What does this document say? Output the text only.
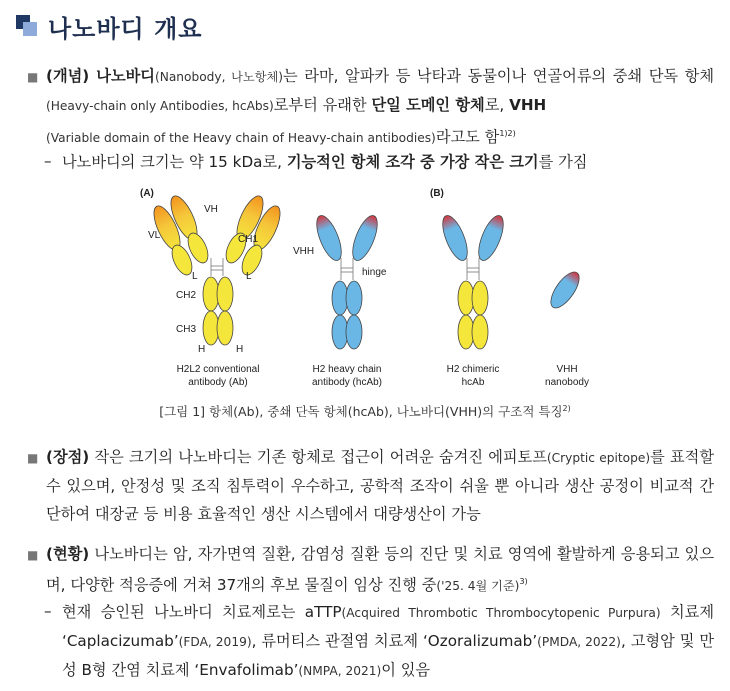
나노바디 개요
■ (개념) 나노바디(Nanobody, 나노항체)는 라마, 알파카 등 낙타과 동물이나 연골어류의 중쇄 단독 항체(Heavy-chain only Antibodies, hcAbs)로부터 유래한 단일 도메인 항체로, VHH
(Variable domain of the Heavy chain of Heavy-chain antibodies)라고도 함$^{1)2)}$
– 나노바디의 크기는 약 15 kDa로, 기능적인 항체 조각 중 가장 작은 크기를 가짐
(A)	(B)
VH
VL	CH1
L	L
CH2
CH3
H	H
VHH
hinge
H2L2 conventional
antibody (Ab)
H2 heavy chain
antibody (hcAb)
H2 chimeric
hcAb
VHH
nanobody
[그림 1] 항체(Ab), 중쇄 단독 항체(hcAb), 나노바디(VHH)의 구조적 특징$^{2)}$
■ (장점) 작은 크기의 나노바디는 기존 항체로 접근이 어려운 숨겨진 에피토프(Cryptic epitope)를 표적할 수 있으며, 안정성 및 조직 침투력이 우수하고, 공학적 조작이 쉬울 뿐 아니라 생산 공정이 비교적 간단하여 대장균 등 비용 효율적인 생산 시스템에서 대량생산이 가능
■ (현황) 나노바디는 암, 자가면역 질환, 감염성 질환 등의 진단 및 치료 영역에 활발하게 응용되고 있으며, 다양한 적응증에 거쳐 37개의 후보 물질이 임상 진행 중('25. 4월 기준)$^{3)}$
– 현재 승인된 나노바디 치료제로는 aTTP(Acquired Thrombotic Thrombocytopenic Purpura) 치료제 ‘Caplacizumab’(FDA, 2019), 류머티스 관절염 치료제 ‘Ozoralizumab’(PMDA, 2022), 고형암 및 만성 B형 간염 치료제 ‘Envafolimab’(NMPA, 2021)이 있음
